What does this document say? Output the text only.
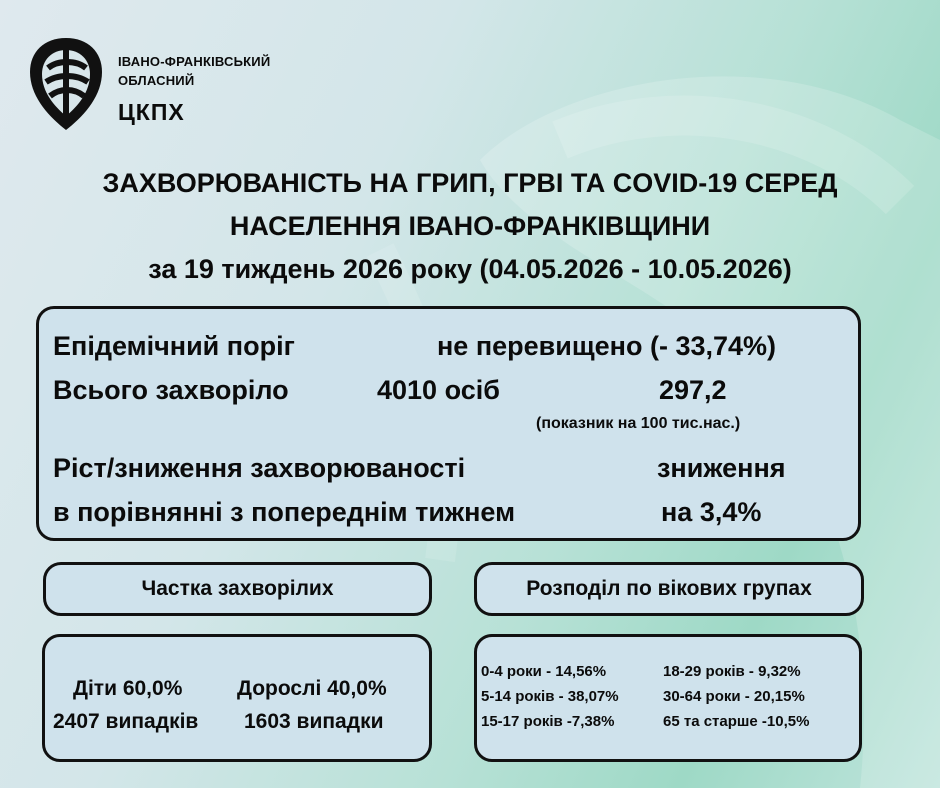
ІВАНО-ФРАНКІВСЬКИЙ
ОБЛАСНИЙ
ЦКПХ
ЗАХВОРЮВАНІСТЬ НА ГРИП, ГРВІ ТА COVID-19 СЕРЕД
НАСЕЛЕННЯ ІВАНО-ФРАНКІВЩИНИ
за 19 тиждень 2026 року (04.05.2026 - 10.05.2026)
Епідемічний поріг	не перевищено (- 33,74%)
Всього захворіло	4010 осіб	297,2
(показник на 100 тис.нас.)
Ріст/зниження захворюваності	зниження
в порівнянні з попереднім тижнем	на 3,4%
Частка захворілих	Розподіл по вікових групах
Діти 60,0%	Дорослі 40,0%
2407 випадків 1603 випадки
0-4 роки - 14,56%	18-29 років - 9,32%
5-14 років - 38,07%	30-64 роки - 20,15%
15-17 років -7,38%	65 та старше -10,5%
